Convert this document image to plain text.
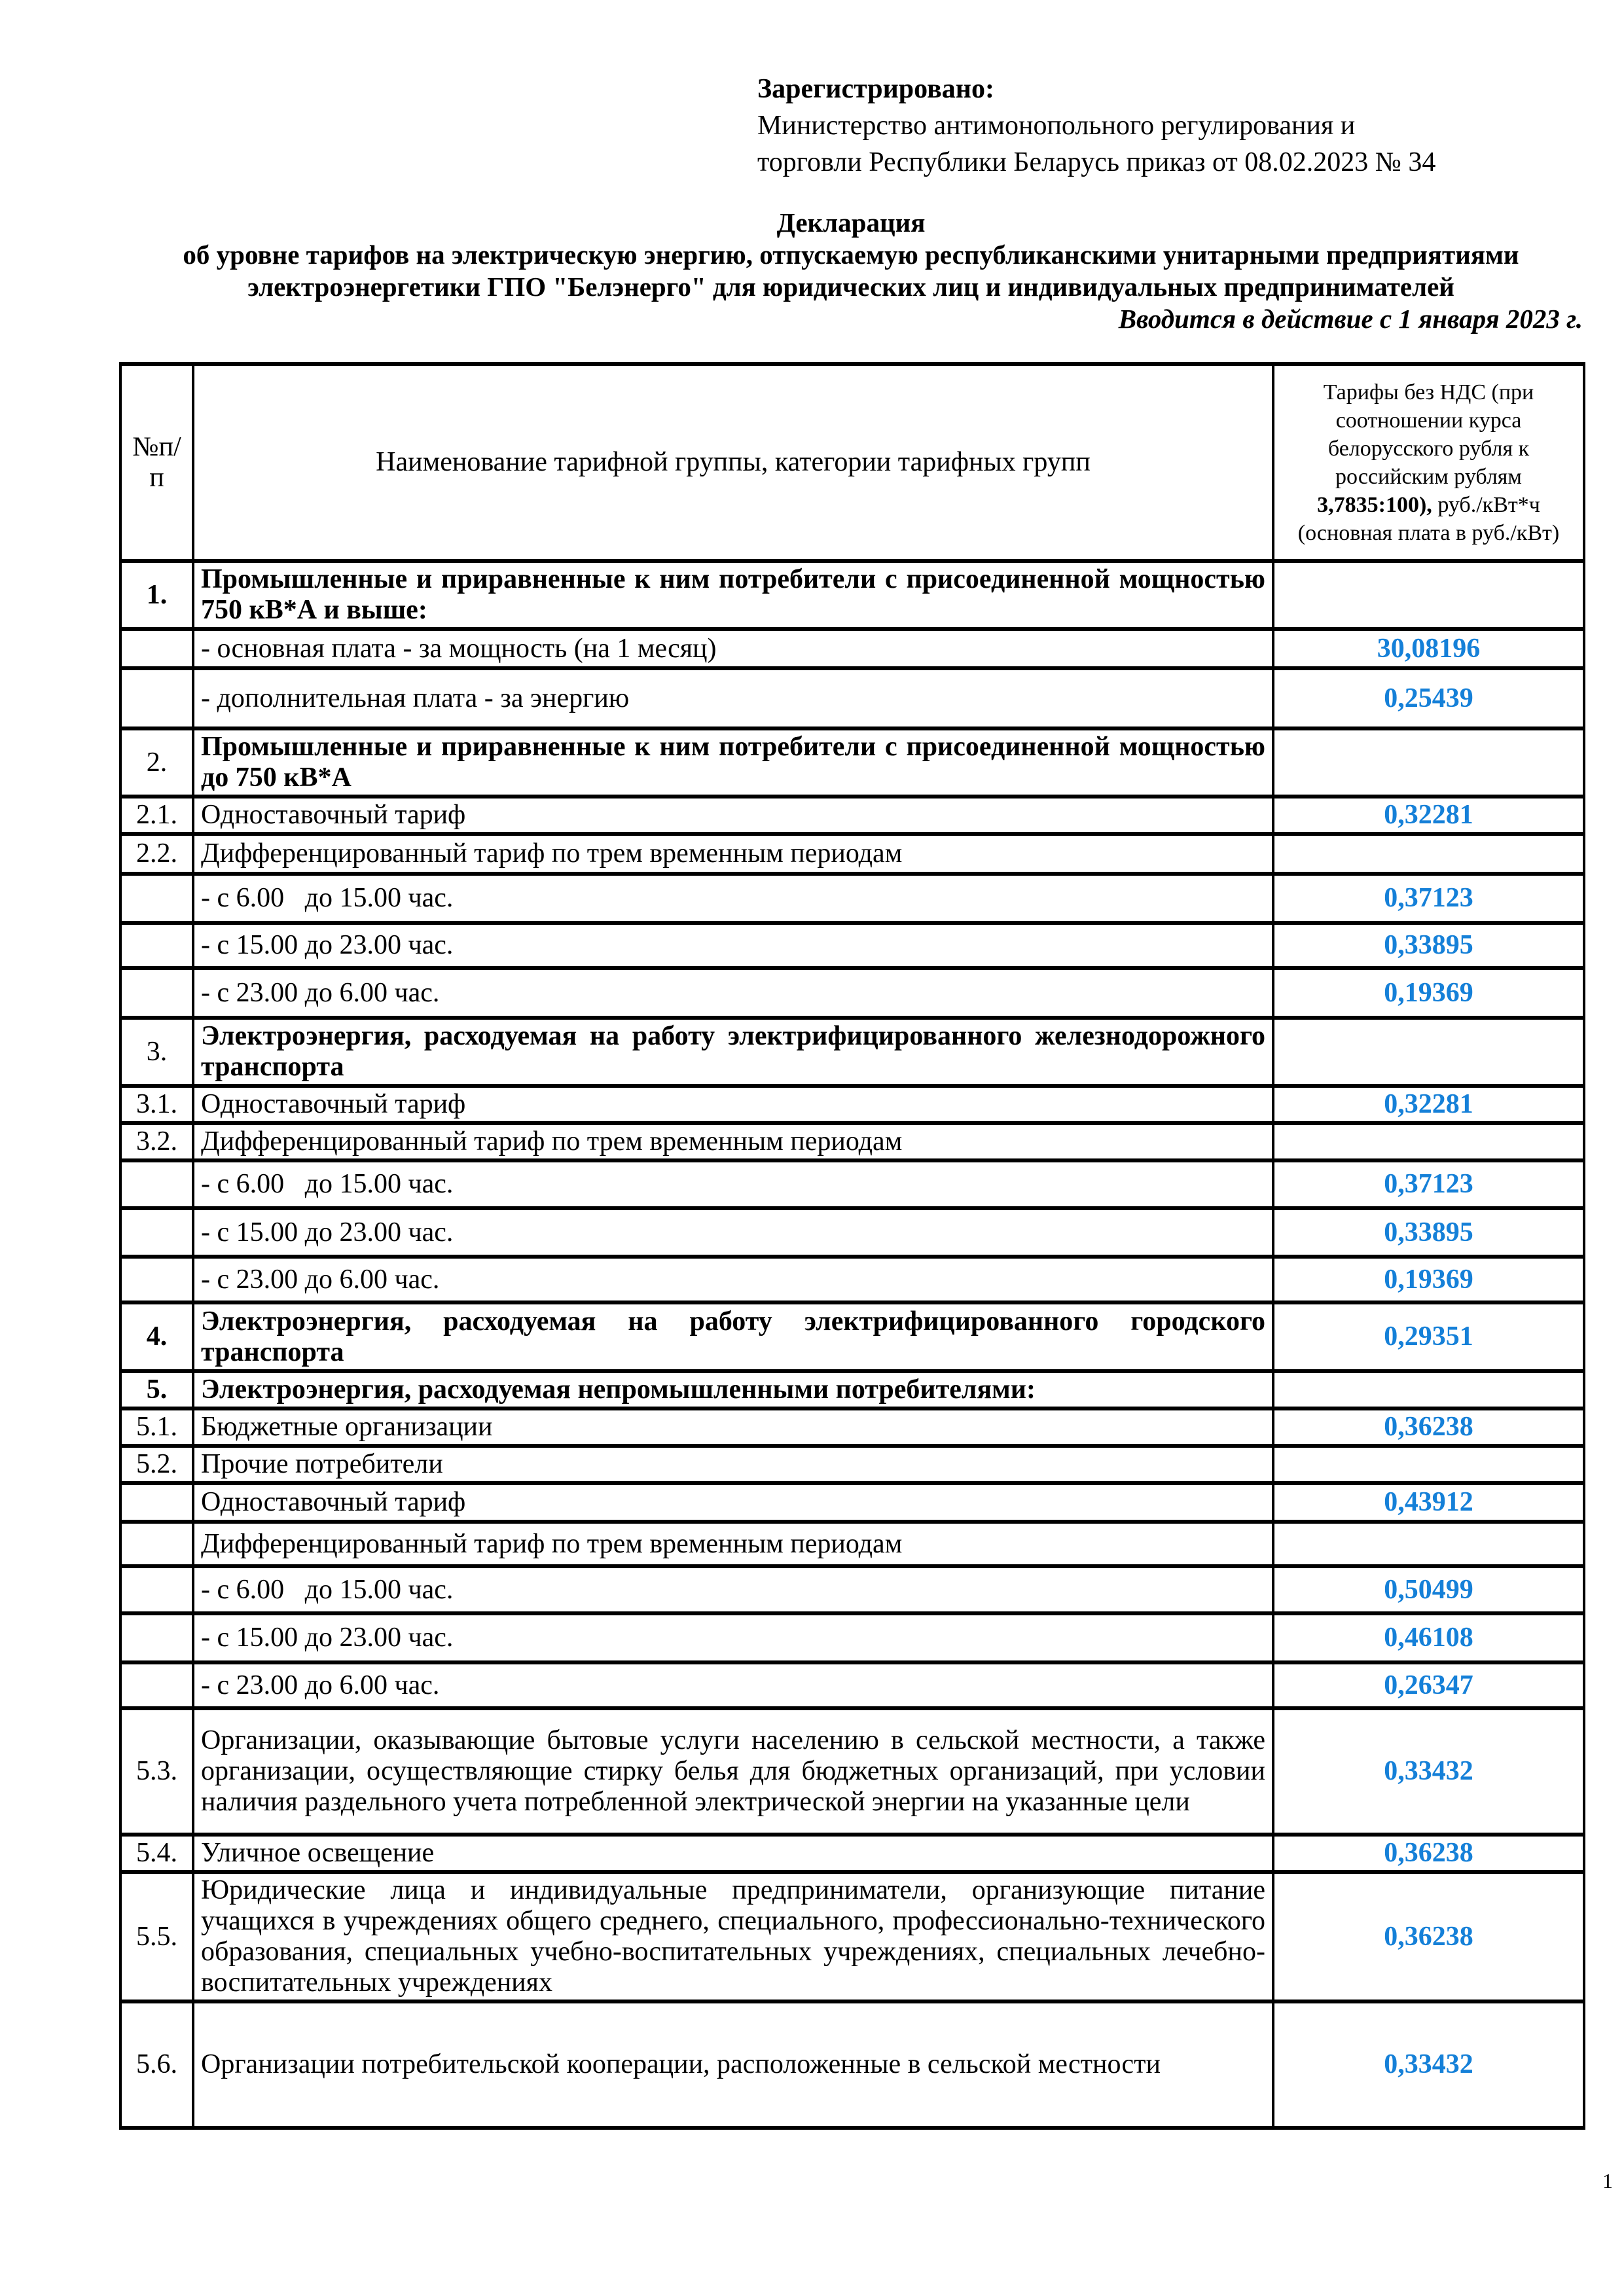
Зарегистрировано:
Министерство антимонопольного регулирования и
торговли Республики Беларусь приказ от 08.02.2023 № 34
Декларация
об уровне тарифов на электрическую энергию, отпускаемую республиканскими унитарными предприятиями
электроэнергетики ГПО "Белэнерго" для юридических лиц и индивидуальных предпринимателей
Вводится в действие с 1 января 2023 г.
№п/п	Наименование тарифной группы, категории тарифных групп	Тарифы без НДС (при соотношении курса белорусского рубля к российским рублям 3,7835:100), руб./кВт*ч (основная плата в руб./кВт)
1.	Промышленные и приравненные к ним потребители с присоединенной мощностью 750 кВ*А и выше:	
	- основная плата - за мощность (на 1 месяц)	30,08196
	- дополнительная плата - за энергию	0,25439
2.	Промышленные и приравненные к ним потребители с присоединенной мощностью до 750 кВ*А	
2.1.	Одноставочный тариф	0,32281
2.2.	Дифференцированный тариф по трем временным периодам	
	- с 6.00   до 15.00 час.	0,37123
	- с 15.00 до 23.00 час.	0,33895
	- с 23.00 до 6.00 час.	0,19369
3.	Электроэнергия, расходуемая на работу электрифицированного железнодорожного транспорта	
3.1.	Одноставочный тариф	0,32281
3.2.	Дифференцированный тариф по трем временным периодам	
	- с 6.00   до 15.00 час.	0,37123
	- с 15.00 до 23.00 час.	0,33895
	- с 23.00 до 6.00 час.	0,19369
4.	Электроэнергия, расходуемая на работу электрифицированного городского транспорта	0,29351
5.	Электроэнергия, расходуемая непромышленными потребителями:	
5.1.	Бюджетные организации	0,36238
5.2.	Прочие потребители	
	Одноставочный тариф	0,43912
	Дифференцированный тариф по трем временным периодам	
	- с 6.00   до 15.00 час.	0,50499
	- с 15.00 до 23.00 час.	0,46108
	- с 23.00 до 6.00 час.	0,26347
5.3.	Организации, оказывающие бытовые услуги населению в сельской местности, а также организации, осуществляющие стирку белья для бюджетных организаций, при условии наличия раздельного учета потребленной электрической энергии на указанные цели	0,33432
5.4.	Уличное освещение	0,36238
5.5.	Юридические лица и индивидуальные предприниматели, организующие питание учащихся в учреждениях общего среднего, специального, профессионально-технического образования, специальных учебно-воспитательных учреждениях, специальных лечебно-воспитательных учреждениях	0,36238
5.6.	Организации потребительской кооперации, расположенные в сельской местности	0,33432
1
